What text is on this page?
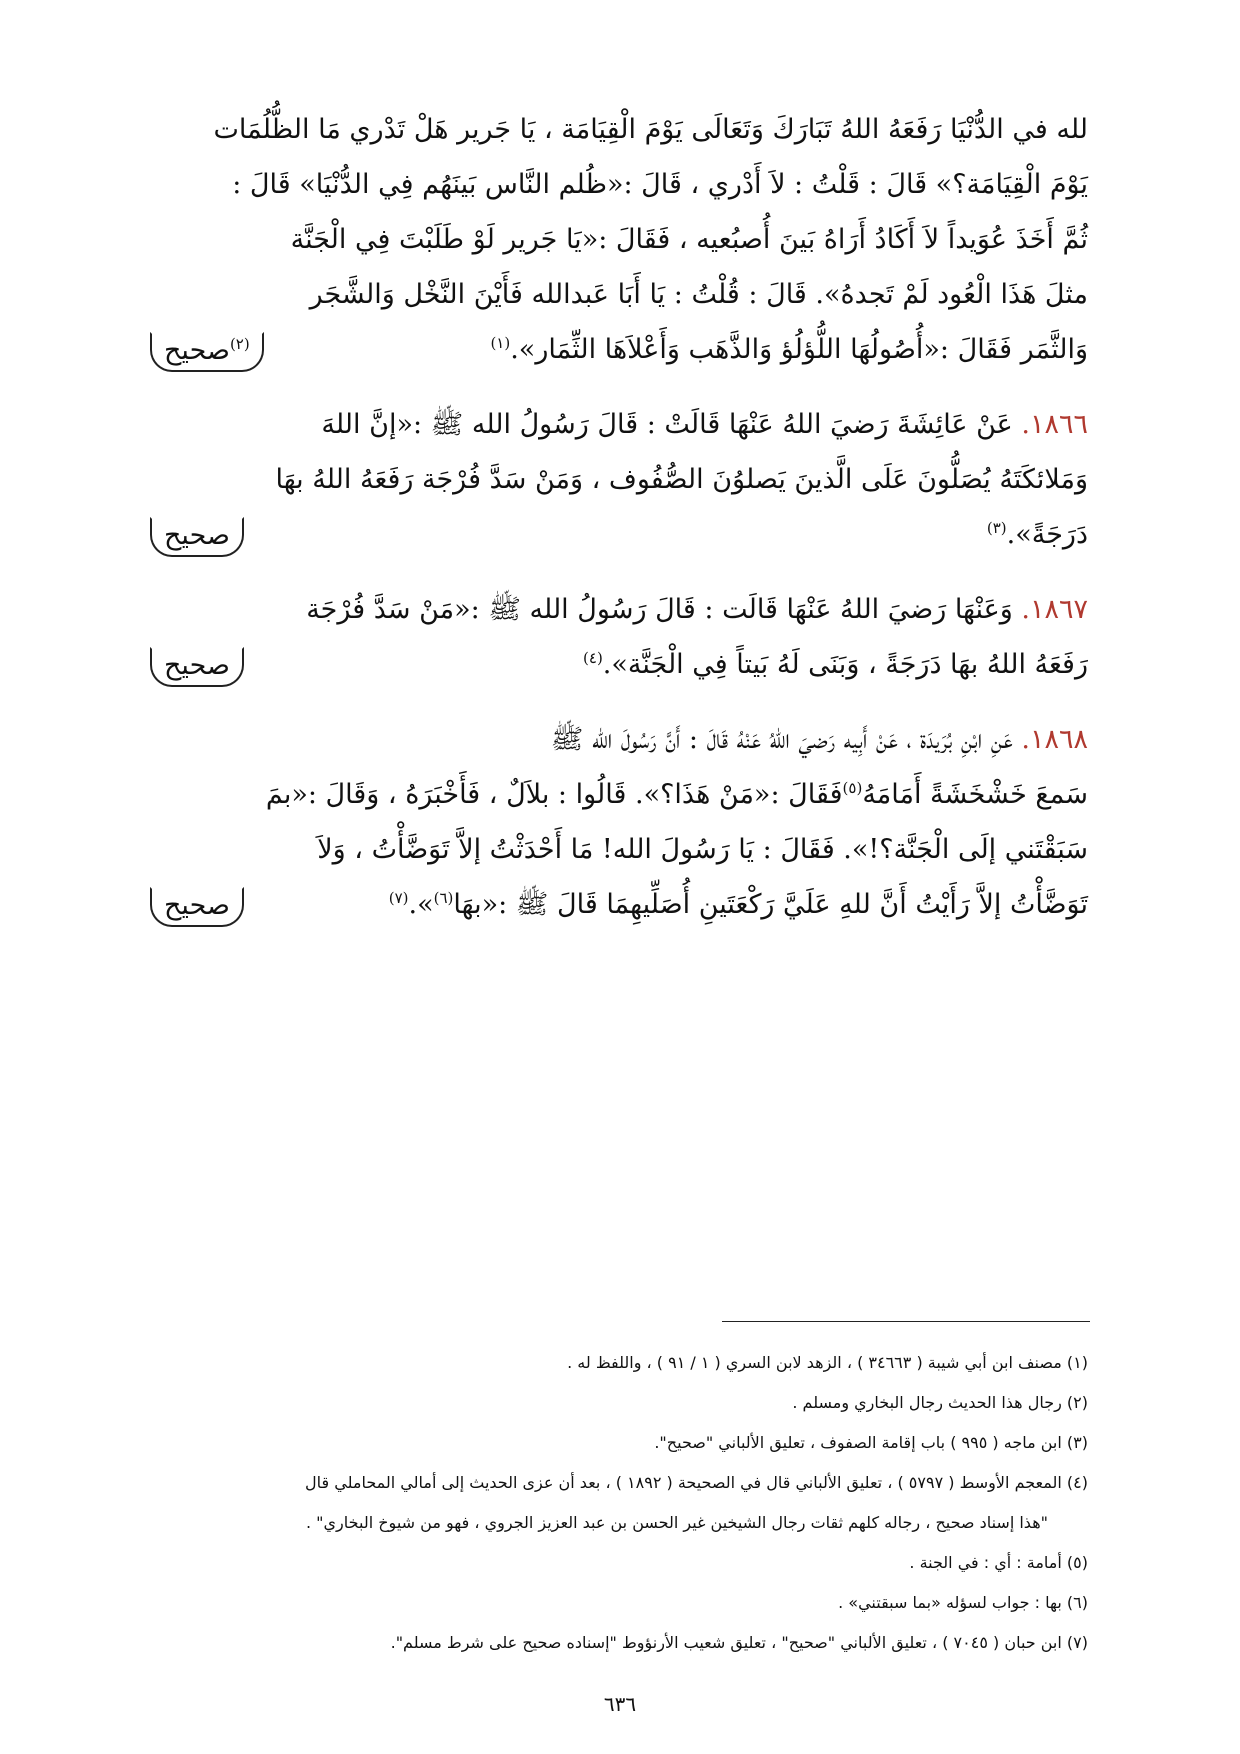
لله في الدُّنْيَا رَفَعَهُ اللهُ تَبَارَكَ وَتَعَالَى يَوْمَ الْقِيَامَة ، يَا جَرير هَلْ تَدْري مَا الظُّلُمَات
يَوْمَ الْقِيَامَة؟» قَالَ : قَلْتُ : لاَ أَدْري ، قَالَ :«ظُلم النَّاس بَينَهُم فِي الدُّنْيَا» قَالَ :
ثُمَّ أَخَذَ عُوَيداً لاَ أَكَادُ أَرَاهُ بَينَ أُصبُعيه ، فَقَالَ :«يَا جَرير لَوْ طَلَبْتَ فِي الْجَنَّة
مثلَ هَذَا الْعُود لَمْ تَجدهُ». قَالَ : قُلْتُ : يَا أَبَا عَبدالله فَأَيْنَ النَّخْل وَالشَّجَر
وَالثَّمَر فَقَالَ :«أُصُولُهَا اللُّؤلُؤ وَالذَّهَب وَأَعْلاَهَا الثِّمَار».$^{(١)}$
$^{(٢)}$صحيح

١٨٦٦. عَنْ عَائِشَةَ رَضيَ اللهُ عَنْهَا قَالَتْ : قَالَ رَسُولُ الله ﷺ :«إنَّ اللهَ
وَمَلائكَتَهُ يُصَلُّونَ عَلَى الَّذينَ يَصلوُنَ الصُّفُوف ، وَمَنْ سَدَّ فُرْجَة رَفَعَهُ اللهُ بهَا
دَرَجَةً».$^{(٣)}$
صحيح

١٨٦٧. وَعَنْهَا رَضيَ اللهُ عَنْهَا قَالَت : قَالَ رَسُولُ الله ﷺ :«مَنْ سَدَّ فُرْجَة
رَفَعَهُ اللهُ بهَا دَرَجَةً ، وَبَنَى لَهُ بَيتاً فِي الْجَنَّة».$^{(٤)}$
صحيح

١٨٦٨. عَنِ ابْنِ بُرَيدَة ، عَنْ أَبِيه رَضيَ اللهُ عَنْهُ قَالَ : أَنَّ رَسُولَ الله ﷺ
سَمعَ خَشْخَشَةً أَمَامَهُ$^{(٥)}$فَقَالَ :«مَنْ هَذَا؟». قَالُوا : بلاَلٌ ، فَأَخْبَرَهُ ، وَقَالَ :«بمَ
سَبَقْتَني إلَى الْجَنَّة؟!». فَقَالَ : يَا رَسُولَ الله! مَا أَحْدَثْتُ إلاَّ تَوَضَّأْتُ ، وَلاَ
تَوَضَّأْتُ إلاَّ رَأَيْتُ أَنَّ للهِ عَلَيَّ رَكْعَتَينِ أُصَلِّيهِمَا قَالَ ﷺ :«بهَا$^{(٦)}$».$^{(٧)}$
صحيح

(١) مصنف ابن أبي شيبة ( ٣٤٦٦٣ ) ، الزهد لابن السري ( ١ / ٩١ ) ، واللفظ له .
(٢) رجال هذا الحديث رجال البخاري ومسلم .
(٣) ابن ماجه ( ٩٩٥ ) باب إقامة الصفوف ، تعليق الألباني "صحيح".
(٤) المعجم الأوسط ( ٥٧٩٧ ) ، تعليق الألباني قال في الصحيحة ( ١٨٩٢ ) ، بعد أن عزى الحديث إلى أمالي المحاملي قال
"هذا إسناد صحيح ، رجاله كلهم ثقات رجال الشيخين غير الحسن بن عبد العزيز الجروي ، فهو من شيوخ البخاري" .
(٥) أمامة : أي : في الجنة .
(٦) بها : جواب لسؤله «بما سبقتني» .
(٧) ابن حبان ( ٧٠٤٥ ) ، تعليق الألباني "صحيح" ، تعليق شعيب الأرنؤوط "إسناده صحيح على شرط مسلم".
٦٣٦
